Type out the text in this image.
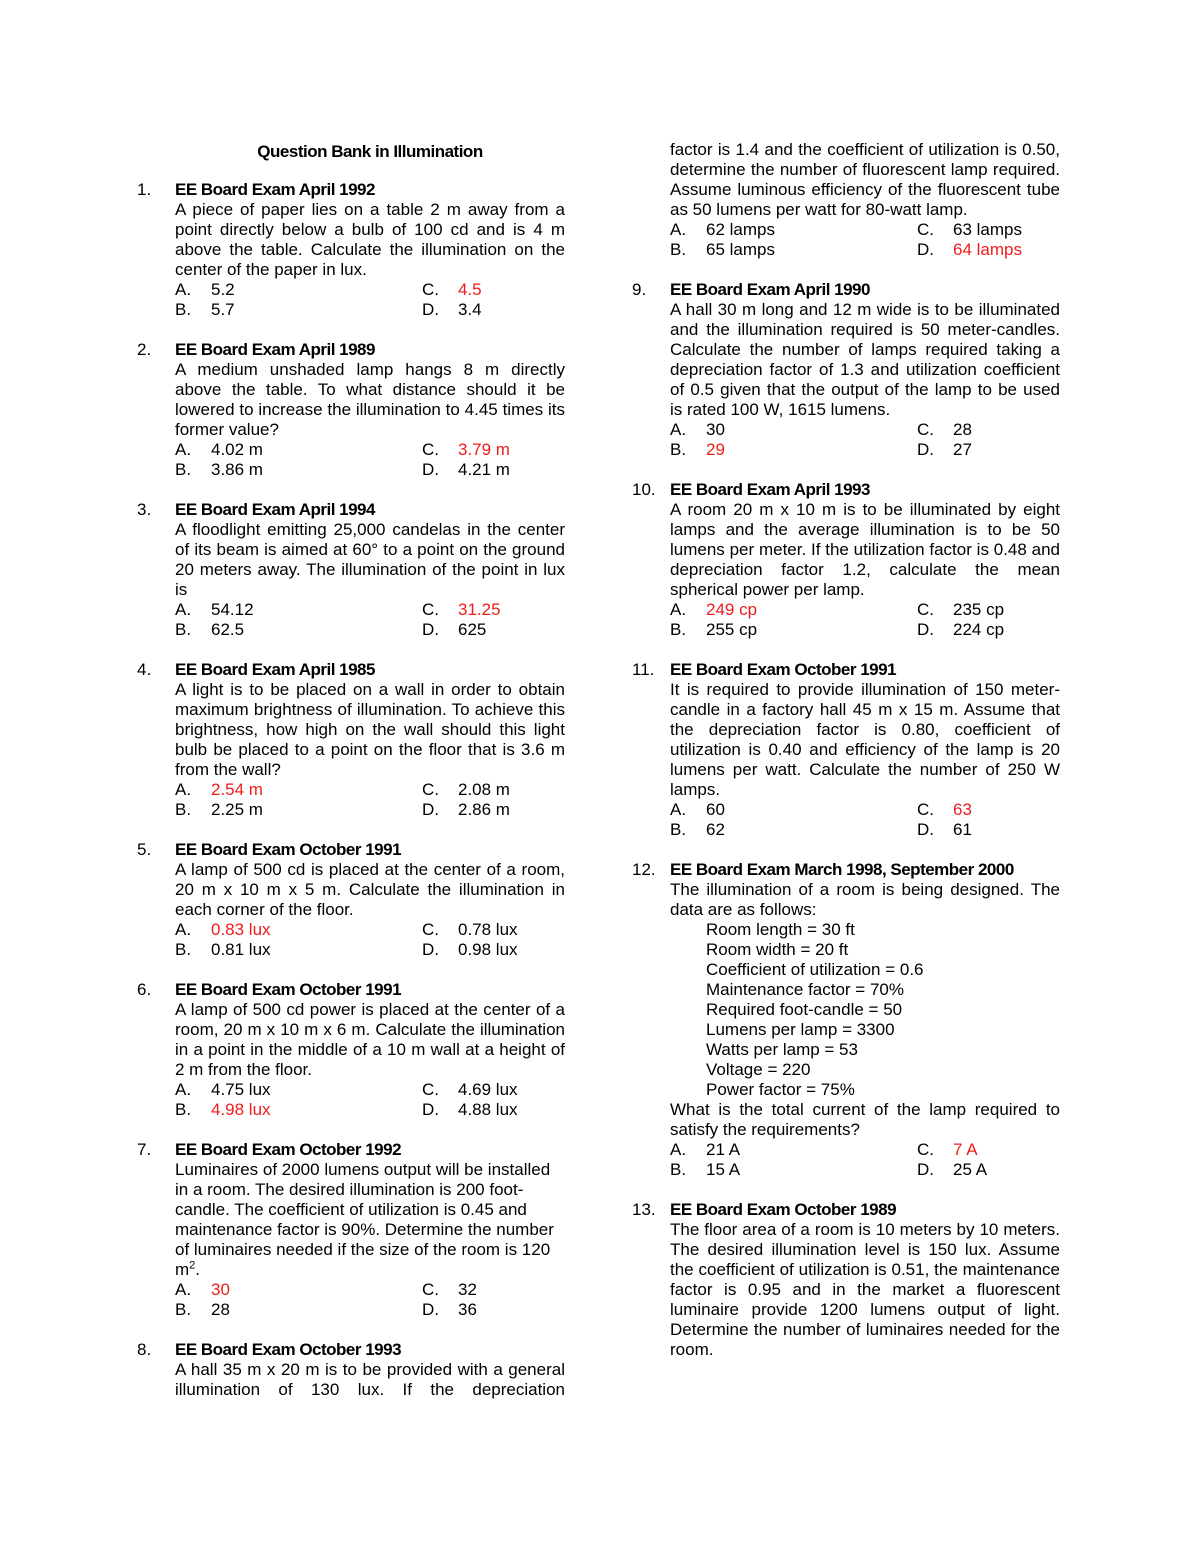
Question Bank in Illumination
1.	EE Board Exam April 1992
A piece of paper lies on a table 2 m away from a point directly below a bulb of 100 cd and is 4 m above the table. Calculate the illumination on the center of the paper in lux.
A.	5.2	C.	4.5
B.	5.7	D.	3.4
2.	EE Board Exam April 1989
A medium unshaded lamp hangs 8 m directly above the table. To what distance should it be lowered to increase the illumination to 4.45 times its former value?
A.	4.02 m	C.	3.79 m
B.	3.86 m	D.	4.21 m
3.	EE Board Exam April 1994
A floodlight emitting 25,000 candelas in the center of its beam is aimed at 60° to a point on the ground 20 meters away. The illumination of the point in lux is
A.	54.12	C.	31.25
B.	62.5	D.	625
4.	EE Board Exam April 1985
A light is to be placed on a wall in order to obtain maximum brightness of illumination. To achieve this brightness, how high on the wall should this light bulb be placed to a point on the floor that is 3.6 m from the wall?
A.	2.54 m	C.	2.08 m
B.	2.25 m	D.	2.86 m
5.	EE Board Exam October 1991
A lamp of 500 cd is placed at the center of a room, 20 m x 10 m x 5 m. Calculate the illumination in each corner of the floor.
A.	0.83 lux	C.	0.78 lux
B.	0.81 lux	D.	0.98 lux
6.	EE Board Exam October 1991
A lamp of 500 cd power is placed at the center of a room, 20 m x 10 m x 6 m. Calculate the illumination in a point in the middle of a 10 m wall at a height of 2 m from the floor.
A.	4.75 lux	C.	4.69 lux
B.	4.98 lux	D.	4.88 lux
7.	EE Board Exam October 1992
Luminaires of 2000 lumens output will be installed in a room. The desired illumination is 200 foot-candle. The coefficient of utilization is 0.45 and maintenance factor is 90%. Determine the number of luminaires needed if the size of the room is 120 $m^2$.
A.	30	C.	32
B.	28	D.	36
8.	EE Board Exam October 1993
A hall 35 m x 20 m is to be provided with a general illumination of 130 lux. If the depreciation
factor is 1.4 and the coefficient of utilization is 0.50, determine the number of fluorescent lamp required. Assume luminous efficiency of the fluorescent tube as 50 lumens per watt for 80-watt lamp.
A.	62 lamps	C.	63 lamps
B.	65 lamps	D.	64 lamps
9.	EE Board Exam April 1990
A hall 30 m long and 12 m wide is to be illuminated and the illumination required is 50 meter-candles. Calculate the number of lamps required taking a depreciation factor of 1.3 and utilization coefficient of 0.5 given that the output of the lamp to be used is rated 100 W, 1615 lumens.
A.	30	C.	28
B.	29	D.	27
10. EE Board Exam April 1993
A room 20 m x 10 m is to be illuminated by eight lamps and the average illumination is to be 50 lumens per meter. If the utilization factor is 0.48 and depreciation factor 1.2, calculate the mean spherical power per lamp.
A.	249 cp	C.	235 cp
B.	255 cp	D.	224 cp
11. EE Board Exam October 1991
It is required to provide illumination of 150 meter-candle in a factory hall 45 m x 15 m. Assume that the depreciation factor is 0.80, coefficient of utilization is 0.40 and efficiency of the lamp is 20 lumens per watt. Calculate the number of 250 W lamps.
A.	60	C.	63
B.	62	D.	61
12. EE Board Exam March 1998, September 2000
The illumination of a room is being designed. The data are as follows:
Room length = 30 ft
Room width = 20 ft
Coefficient of utilization = 0.6
Maintenance factor = 70%
Required foot-candle = 50
Lumens per lamp = 3300
Watts per lamp = 53
Voltage = 220
Power factor = 75%
What is the total current of the lamp required to satisfy the requirements?
A.	21 A	C.	7 A
B.	15 A	D.	25 A
13. EE Board Exam October 1989
The floor area of a room is 10 meters by 10 meters. The desired illumination level is 150 lux. Assume the coefficient of utilization is 0.51, the maintenance factor is 0.95 and in the market a fluorescent luminaire provide 1200 lumens output of light. Determine the number of luminaires needed for the room.
